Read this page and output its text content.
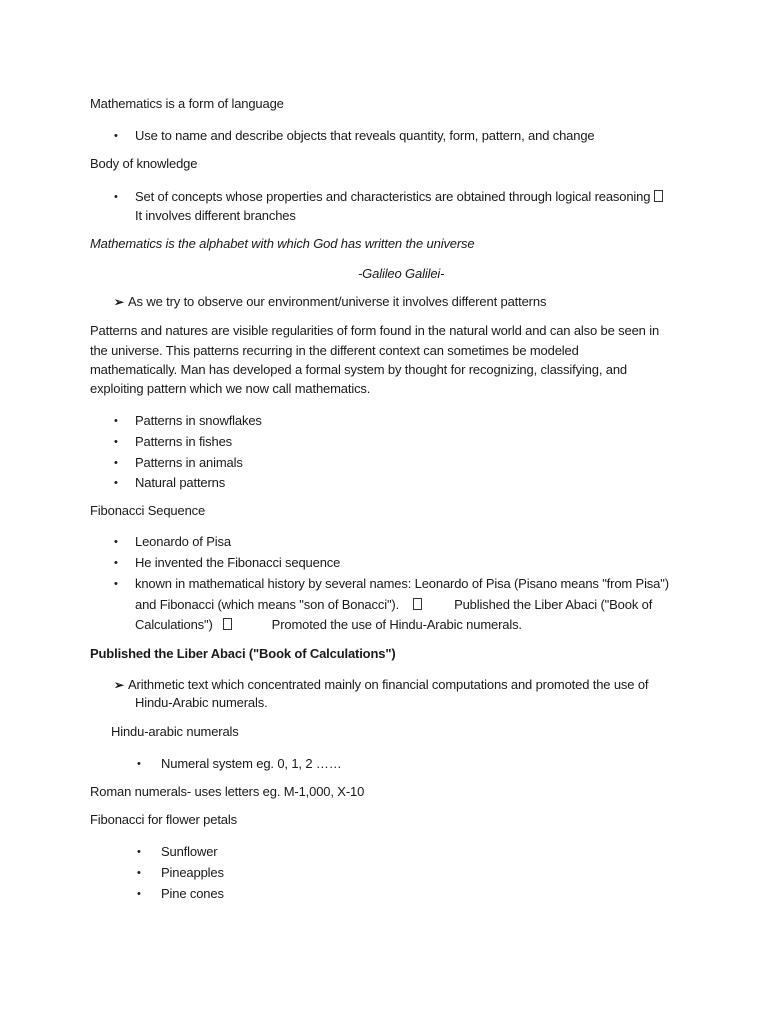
Mathematics is a form of language
• Use to name and describe objects that reveals quantity, form, pattern, and change
Body of knowledge
• Set of concepts whose properties and characteristics are obtained through logical reasoning
It involves different branches
Mathematics is the alphabet with which God has written the universe
-Galileo Galilei-
➢ As we try to observe our environment/universe it involves different patterns
Patterns and natures are visible regularities of form found in the natural world and can also be seen in
the universe. This patterns recurring in the different context can sometimes be modeled
mathematically. Man has developed a formal system by thought for recognizing, classifying, and
exploiting pattern which we now call mathematics.
• Patterns in snowflakes
• Patterns in fishes
• Patterns in animals
• Natural patterns
Fibonacci Sequence
• Leonardo of Pisa
• He invented the Fibonacci sequence
• known in mathematical history by several names: Leonardo of Pisa (Pisano means "from Pisa")
and Fibonacci (which means "son of Bonacci").	Published the Liber Abaci ("Book of
Calculations")	Promoted the use of Hindu-Arabic numerals.
Published the Liber Abaci ("Book of Calculations")
➢ Arithmetic text which concentrated mainly on financial computations and promoted the use of
Hindu-Arabic numerals.
Hindu-arabic numerals
• Numeral system eg. 0, 1, 2 ……
Roman numerals- uses letters eg. M-1,000, X-10
Fibonacci for flower petals
• Sunflower
• Pineapples
• Pine cones
